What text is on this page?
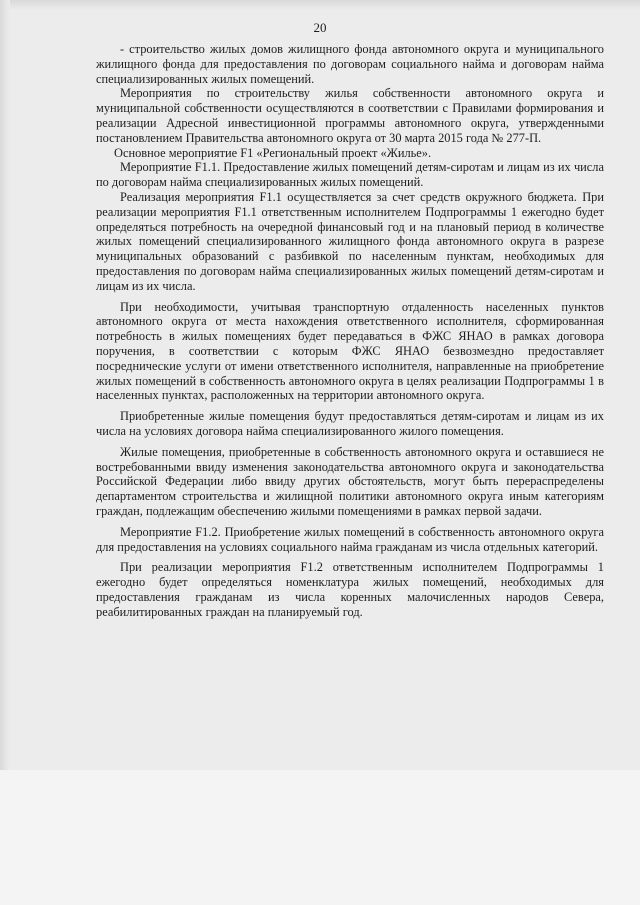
20

- строительство жилых домов жилищного фонда автономного округа и муниципального жилищного фонда для предоставления по договорам социального найма и договорам найма специализированных жилых помещений.

Мероприятия по строительству жилья собственности автономного округа и муниципальной собственности осуществляются в соответствии с Правилами формирования и реализации Адресной инвестиционной программы автономного округа, утвержденными постановлением Правительства автономного округа от 30 марта 2015 года № 277-П.

Основное мероприятие F1 «Региональный проект «Жилье».

Мероприятие F1.1. Предоставление жилых помещений детям-сиротам и лицам из их числа по договорам найма специализированных жилых помещений.

Реализация мероприятия F1.1 осуществляется за счет средств окружного бюджета. При реализации мероприятия F1.1 ответственным исполнителем Подпрограммы 1 ежегодно будет определяться потребность на очередной финансовый год и на плановый период в количестве жилых помещений специализированного жилищного фонда автономного округа в разрезе муниципальных образований с разбивкой по населенным пунктам, необходимых для предоставления по договорам найма специализированных жилых помещений детям-сиротам и лицам из их числа.

При необходимости, учитывая транспортную отдаленность населенных пунктов автономного округа от места нахождения ответственного исполнителя, сформированная потребность в жилых помещениях будет передаваться в ФЖС ЯНАО в рамках договора поручения, в соответствии с которым ФЖС ЯНАО безвозмездно предоставляет посреднические услуги от имени ответственного исполнителя, направленные на приобретение жилых помещений в собственность автономного округа в целях реализации Подпрограммы 1 в населенных пунктах, расположенных на территории автономного округа.

Приобретенные жилые помещения будут предоставляться детям-сиротам и лицам из их числа на условиях договора найма специализированного жилого помещения.

Жилые помещения, приобретенные в собственность автономного округа и оставшиеся не востребованными ввиду изменения законодательства автономного округа и законодательства Российской Федерации либо ввиду других обстоятельств, могут быть перераспределены департаментом строительства и жилищной политики автономного округа иным категориям граждан, подлежащим обеспечению жилыми помещениями в рамках первой задачи.

Мероприятие F1.2. Приобретение жилых помещений в собственность автономного округа для предоставления на условиях социального найма гражданам из числа отдельных категорий.

При реализации мероприятия F1.2 ответственным исполнителем Подпрограммы 1 ежегодно будет определяться номенклатура жилых помещений, необходимых для предоставления гражданам из числа коренных малочисленных народов Севера, реабилитированных граждан на планируемый год.
